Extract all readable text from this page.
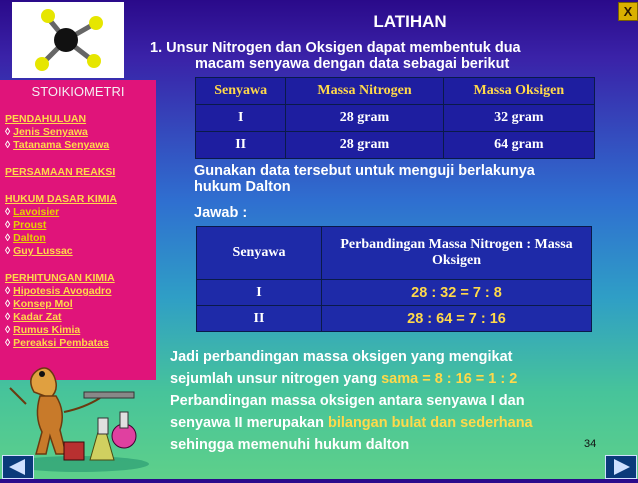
STOIKIOMETRI
PENDAHULUAN
◊ Jenis Senyawa
◊ Tatanama Senyawa
PERSAMAAN REAKSI
HUKUM DASAR KIMIA
◊ Lavoisier
◊ Proust
◊ Dalton
◊ Guy Lussac
PERHITUNGAN KIMIA
◊ Hipotesis Avogadro
◊ Konsep Mol
◊ Kadar Zat
◊ Rumus Kimia
◊ Pereaksi Pembatas
X
LATIHAN
1. Unsur Nitrogen dan Oksigen dapat membentuk dua
macam senyawa dengan data sebagai berikut
Senyawa	Massa Nitrogen	Massa Oksigen
I	28 gram	32 gram
II	28 gram	64 gram
Gunakan data tersebut untuk menguji berlakunya
hukum Dalton
Jawab :
Senyawa	Perbandingan Massa Nitrogen : Massa Oksigen
I	28 : 32 = 7 : 8
II	28 : 64 = 7 : 16
Jadi perbandingan massa oksigen yang mengikat
sejumlah unsur nitrogen yang sama = 8 : 16 = 1 : 2
Perbandingan massa oksigen antara senyawa I dan
senyawa II merupakan bilangan bulat dan sederhana
sehingga memenuhi hukum dalton	34
